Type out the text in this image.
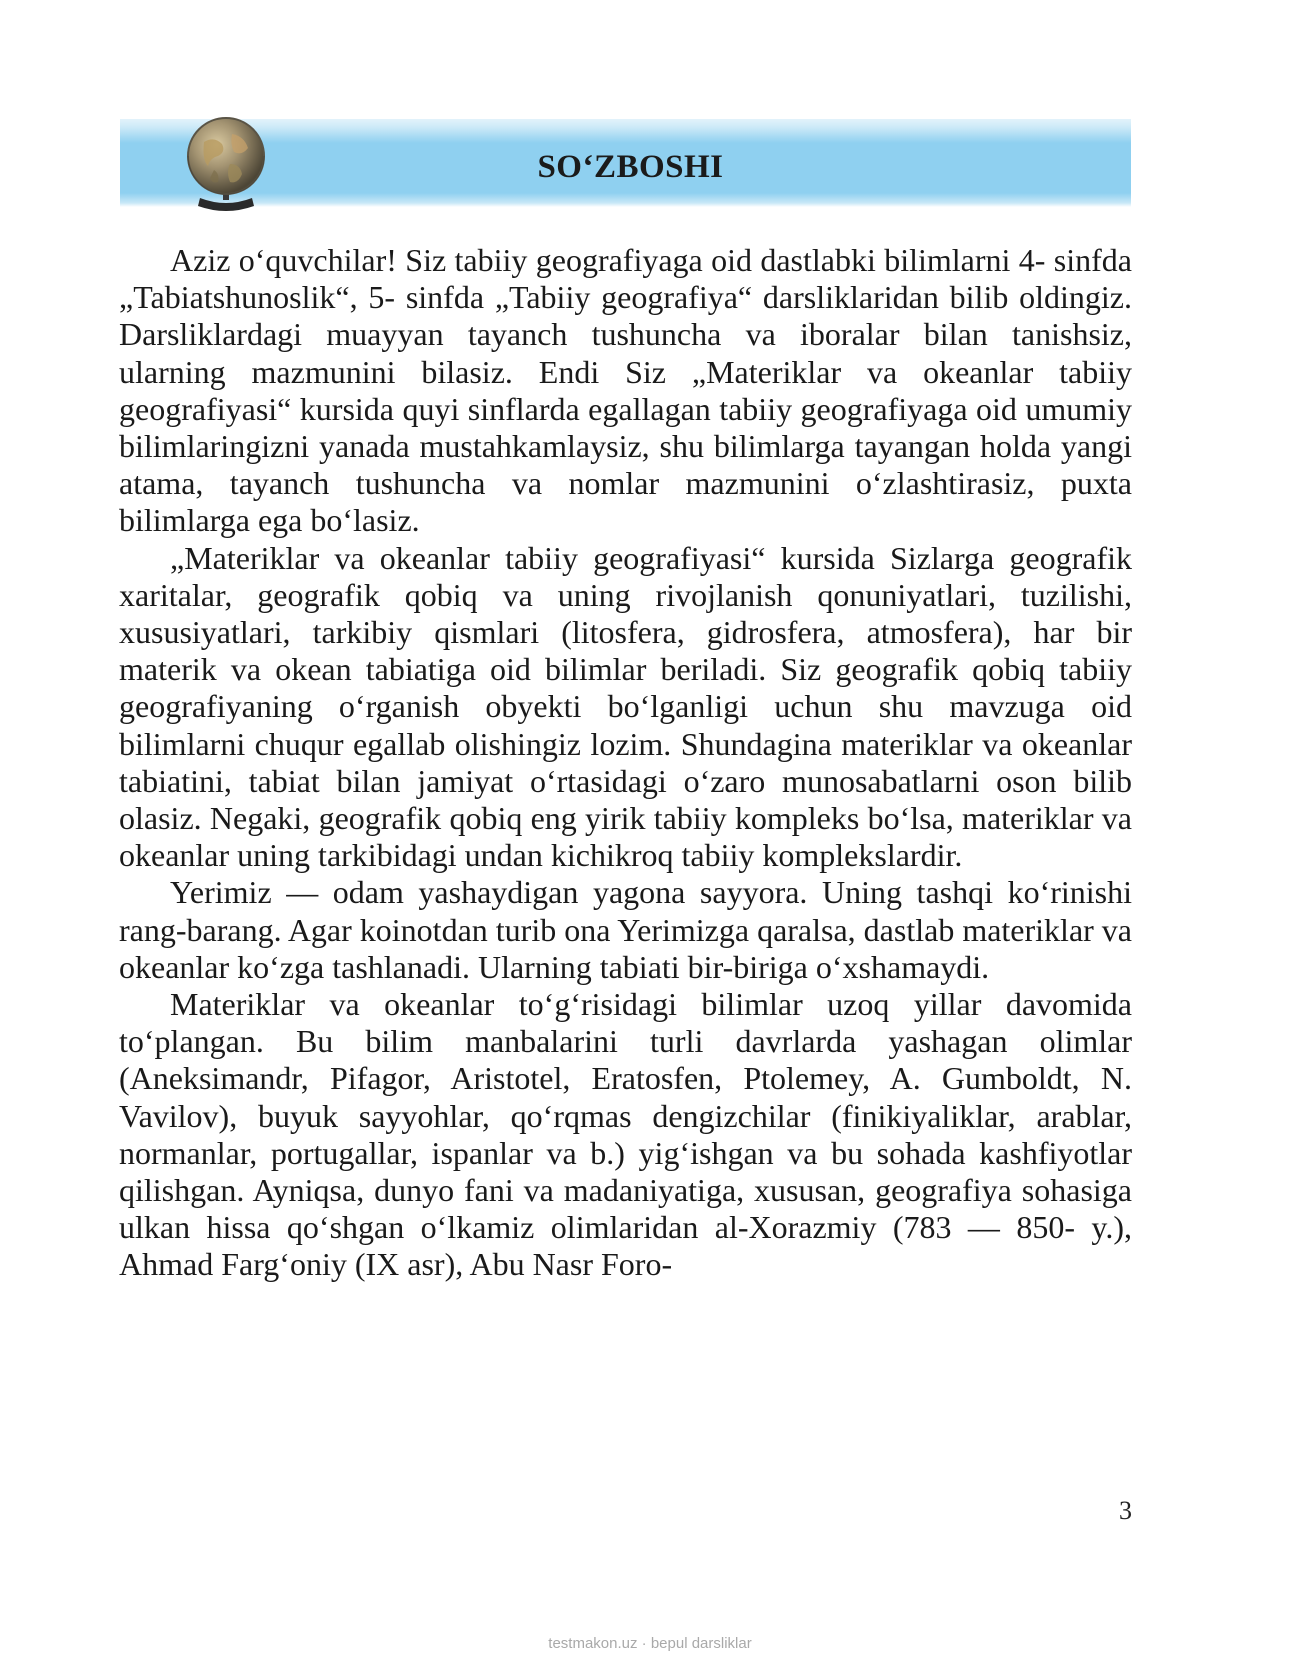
SO‘ZBOSHI

Aziz o‘quvchilar! Siz tabiiy geografiyaga oid dastlabki bilimlarni 4- sinfda „Tabiatshunoslik“, 5- sinfda „Tabiiy geografiya“ darsliklaridan bilib oldingiz. Darsliklardagi muayyan tayanch tushuncha va iboralar bilan tanishsiz, ularning mazmunini bilasiz. Endi Siz „Materiklar va okeanlar tabiiy geografiyasi“ kursida quyi sinflarda egallagan tabiiy geografiyaga oid umumiy bilimlaringizni yanada mustahkamlaysiz, shu bilimlarga tayangan holda yangi atama, tayanch tushuncha va nomlar mazmunini o‘zlashtirasiz, puxta bilimlarga ega bo‘lasiz.

„Materiklar va okeanlar tabiiy geografiyasi“ kursida Sizlarga geografik xaritalar, geografik qobiq va uning rivojlanish qonuniyatlari, tuzilishi, xususiyatlari, tarkibiy qismlari (litosfera, gidrosfera, atmosfera), har bir materik va okean tabiatiga oid bilimlar beriladi. Siz geografik qobiq tabiiy geografiyaning o‘rganish obyekti bo‘lganligi uchun shu mavzuga oid bilimlarni chuqur egallab olishingiz lozim. Shundagina materiklar va okeanlar tabiatini, tabiat bilan jamiyat o‘rtasidagi o‘zaro munosabatlarni oson bilib olasiz. Negaki, geografik qobiq eng yirik tabiiy kompleks bo‘lsa, materiklar va okeanlar uning tarkibidagi undan kichikroq tabiiy komplekslardir.

Yerimiz — odam yashaydigan yagona sayyora. Uning tashqi ko‘rinishi rang-barang. Agar koinotdan turib ona Yerimizga qaralsa, dastlab materiklar va okeanlar ko‘zga tashlanadi. Ularning tabiati bir-biriga o‘xshamaydi.

Materiklar va okeanlar to‘g‘risidagi bilimlar uzoq yillar davomida to‘plangan. Bu bilim manbalarini turli davrlarda yashagan olimlar (Aneksimandr, Pifagor, Aristotel, Eratosfen, Ptolemey, A. Gumboldt, N. Vavilov), buyuk sayyohlar, qo‘rqmas dengizchilar (finikiyaliklar, arablar, normanlar, portugallar, ispanlar va b.) yig‘ishgan va bu sohada kashfiyotlar qilishgan. Ayniqsa, dunyo fani va madaniyatiga, xususan, geografiya sohasiga ulkan hissa qo‘shgan o‘lkamiz olimlaridan al-Xorazmiy (783 — 850- y.), Ahmad Farg‘oniy (IX asr), Abu Nasr Foro-

3
testmakon.uz · bepul darsliklar
